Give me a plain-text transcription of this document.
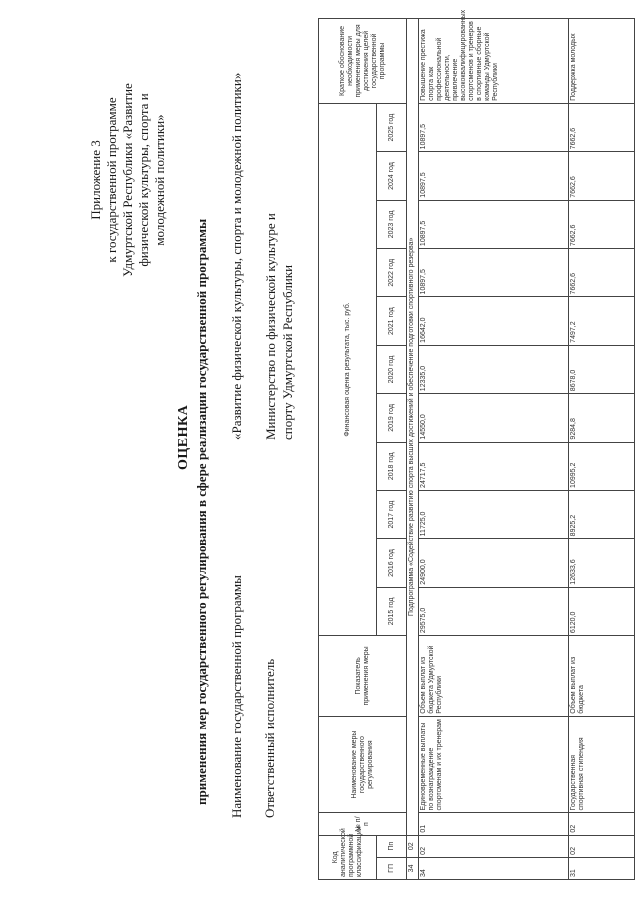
Приложение 3 к государственной программе Удмуртской Республики «Развитие физической культуры, спорта и молодежной политики»
ОЦЕНКА применения мер государственного регулирования в сфере реализации государственной программы Наименование государственной программы
«Развитие физической культуры, спорта и молодежной политики»
Ответственный исполнитель
Министерство по физической культуре и спорту Удмуртской Республики
Код аналитической программной классификации		№ п/п	Наименование меры государственного регулирования	Показатель применения меры	Финансовая оценка результата, тыс. руб.											Краткое обоснование необходимости применения меры для достижения целей государственной программы
ГП	Пп				2015 год	2016 год	2017 год	2018 год	2019 год	2020 год	2021 год	2022 год	2023 год	2024 год	2025 год	
34	02	Подпрограмма «Содействие развитию спорта высших достижений и обеспечение подготовки спортивного резерва»														
34	02	01	Единовременные выплаты по вознаграждение спортсменам и их тренерам	Объем выплат из бюджета Удмуртской Республики	29575,0	24900,0	11725,0	24717,5	14550,0	12335,0	16642,0	10897,5	10897,5	10897,5	10897,5	Повышение престижа спорта как профессиональной деятельности, привлечение высококвалифицированных спортсменов и тренеров в спортивные сборные команды Удмуртской Республики
31	02	02	Государственная спортивная стипендия	Объем выплат из бюджета	6120,0	12633,6	8925,2	10995,2	9284,8	8678,0	7497,2	7662,6	7662,6	7662,6	7662,6	Поддержка молодых
